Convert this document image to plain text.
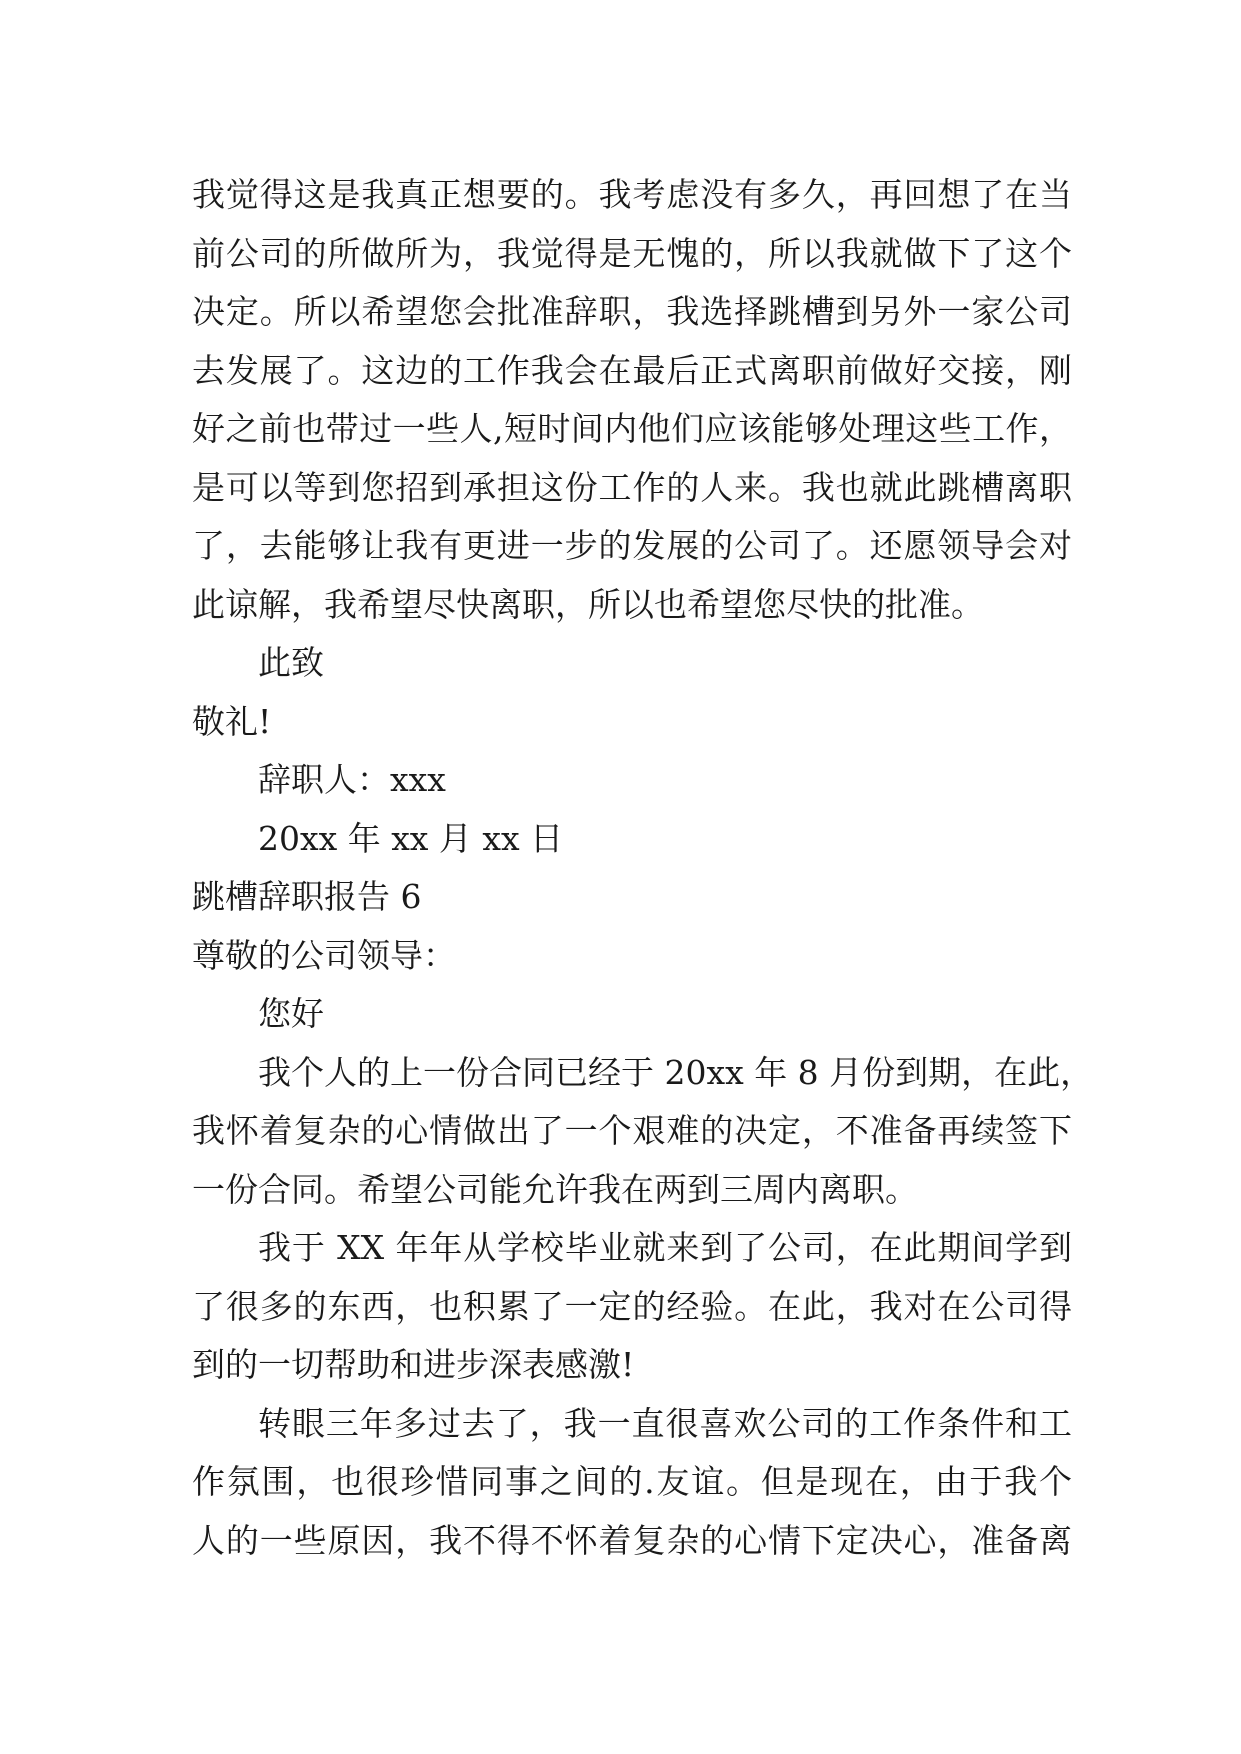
我觉得这是我真正想要的。我考虑没有多久，再回想了在当
前公司的所做所为，我觉得是无愧的，所以我就做下了这个
决定。所以希望您会批准辞职，我选择跳槽到另外一家公司
去发展了。这边的工作我会在最后正式离职前做好交接，刚
好之前也带过一些人,短时间内他们应该能够处理这些工作，
是可以等到您招到承担这份工作的人来。我也就此跳槽离职
了，去能够让我有更进一步的发展的公司了。还愿领导会对
此谅解，我希望尽快离职，所以也希望您尽快的批准。
此致
敬礼!
辞职人：xxx
20xx 年 xx 月 xx 日
跳槽辞职报告 6
尊敬的公司领导：
您好
我个人的上一份合同已经于 20xx 年 8 月份到期，在此，
我怀着复杂的心情做出了一个艰难的决定，不准备再续签下
一份合同。希望公司能允许我在两到三周内离职。
我于 XX 年年从学校毕业就来到了公司，在此期间学到
了很多的东西，也积累了一定的经验。在此，我对在公司得
到的一切帮助和进步深表感激!
转眼三年多过去了，我一直很喜欢公司的工作条件和工
作氛围，也很珍惜同事之间的.友谊。但是现在，由于我个
人的一些原因，我不得不怀着复杂的心情下定决心，准备离
